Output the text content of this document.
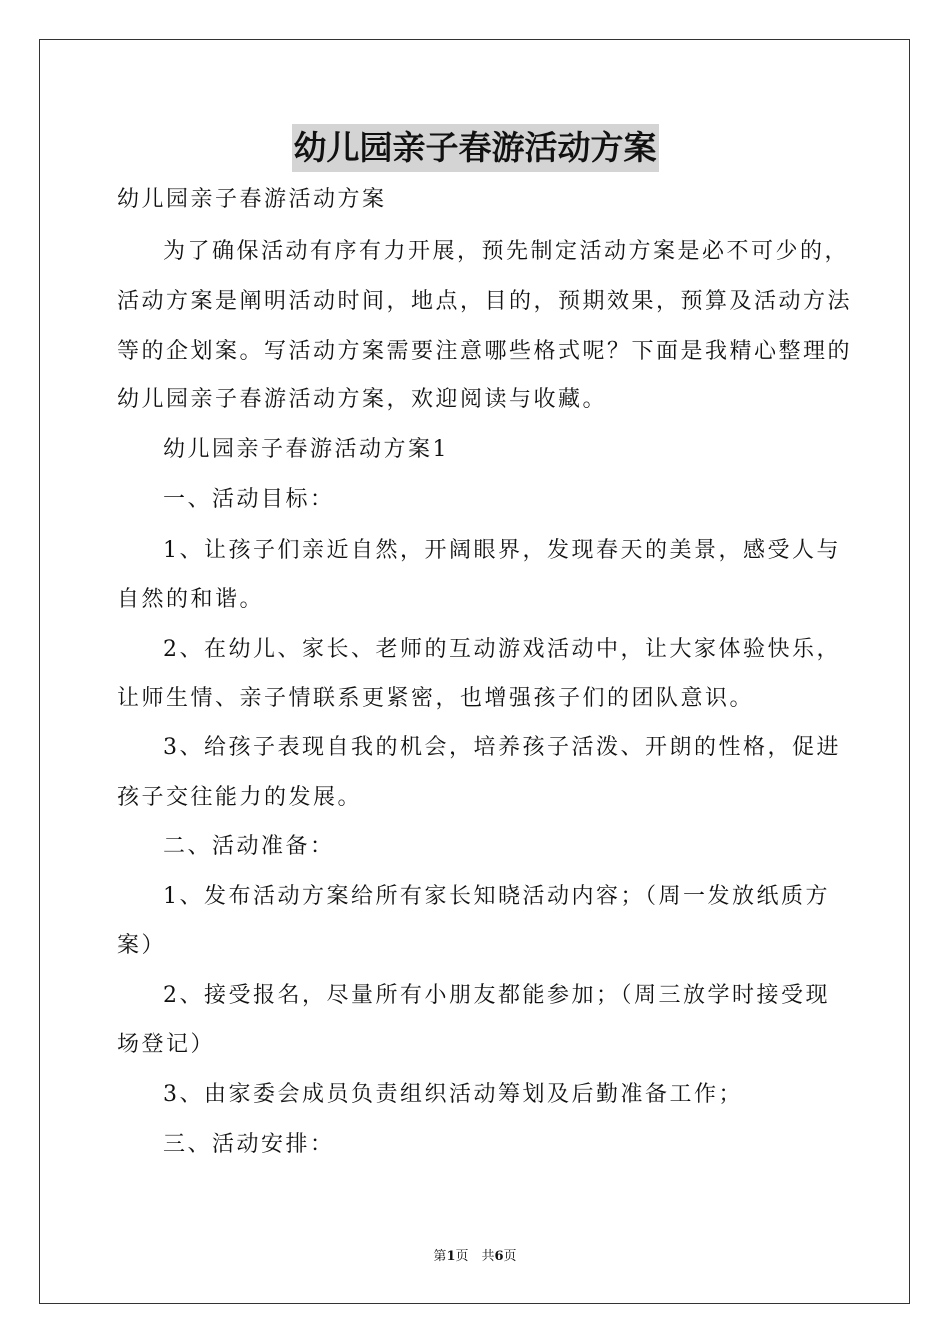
幼儿园亲子春游活动方案
幼儿园亲子春游活动方案
为了确保活动有序有力开展，预先制定活动方案是必不可少的，
活动方案是阐明活动时间，地点，目的，预期效果，预算及活动方法
等的企划案。写活动方案需要注意哪些格式呢？下面是我精心整理的
幼儿园亲子春游活动方案，欢迎阅读与收藏。
幼儿园亲子春游活动方案1
一、活动目标：
1、让孩子们亲近自然，开阔眼界，发现春天的美景，感受人与
自然的和谐。
2、在幼儿、家长、老师的互动游戏活动中，让大家体验快乐，
让师生情、亲子情联系更紧密，也增强孩子们的团队意识。
3、给孩子表现自我的机会，培养孩子活泼、开朗的性格，促进
孩子交往能力的发展。
二、活动准备：
1、发布活动方案给所有家长知晓活动内容；（周一发放纸质方
案）
2、接受报名，尽量所有小朋友都能参加；（周三放学时接受现
场登记）
3、由家委会成员负责组织活动筹划及后勤准备工作；
三、活动安排：
第1页　共6页
